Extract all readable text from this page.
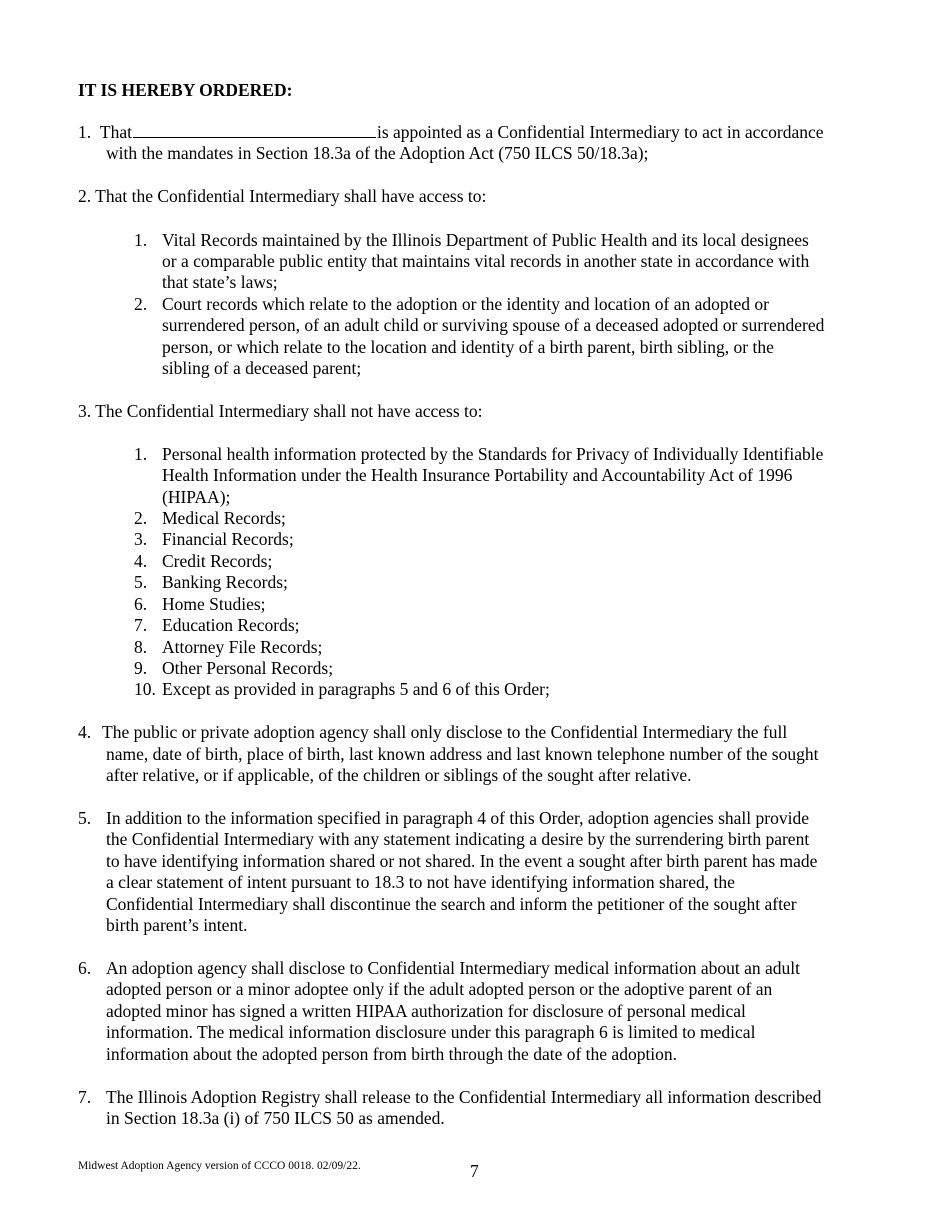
IT IS HEREBY ORDERED:
1. That	is appointed as a Confidential Intermediary to act in accordance
with the mandates in Section 18.3a of the Adoption Act (750 ILCS 50/18.3a);
2. That the Confidential Intermediary shall have access to:
1. Vital Records maintained by the Illinois Department of Public Health and its local designees
or a comparable public entity that maintains vital records in another state in accordance with
that state’s laws;
2. Court records which relate to the adoption or the identity and location of an adopted or
surrendered person, of an adult child or surviving spouse of a deceased adopted or surrendered
person, or which relate to the location and identity of a birth parent, birth sibling, or the
sibling of a deceased parent;
3. The Confidential Intermediary shall not have access to:
1. Personal health information protected by the Standards for Privacy of Individually Identifiable
Health Information under the Health Insurance Portability and Accountability Act of 1996
(HIPAA);
2. Medical Records;
3. Financial Records;
4. Credit Records;
5. Banking Records;
6. Home Studies;
7. Education Records;
8. Attorney File Records;
9. Other Personal Records;
10. Except as provided in paragraphs 5 and 6 of this Order;
4. The public or private adoption agency shall only disclose to the Confidential Intermediary the full
name, date of birth, place of birth, last known address and last known telephone number of the sought
after relative, or if applicable, of the children or siblings of the sought after relative.
5. In addition to the information specified in paragraph 4 of this Order, adoption agencies shall provide
the Confidential Intermediary with any statement indicating a desire by the surrendering birth parent
to have identifying information shared or not shared. In the event a sought after birth parent has made
a clear statement of intent pursuant to 18.3 to not have identifying information shared, the
Confidential Intermediary shall discontinue the search and inform the petitioner of the sought after
birth parent’s intent.
6. An adoption agency shall disclose to Confidential Intermediary medical information about an adult
adopted person or a minor adoptee only if the adult adopted person or the adoptive parent of an
adopted minor has signed a written HIPAA authorization for disclosure of personal medical
information. The medical information disclosure under this paragraph 6 is limited to medical
information about the adopted person from birth through the date of the adoption.
7. The Illinois Adoption Registry shall release to the Confidential Intermediary all information described
in Section 18.3a (i) of 750 ILCS 50 as amended.
Midwest Adoption Agency version of CCCO 0018. 02/09/22.	7
